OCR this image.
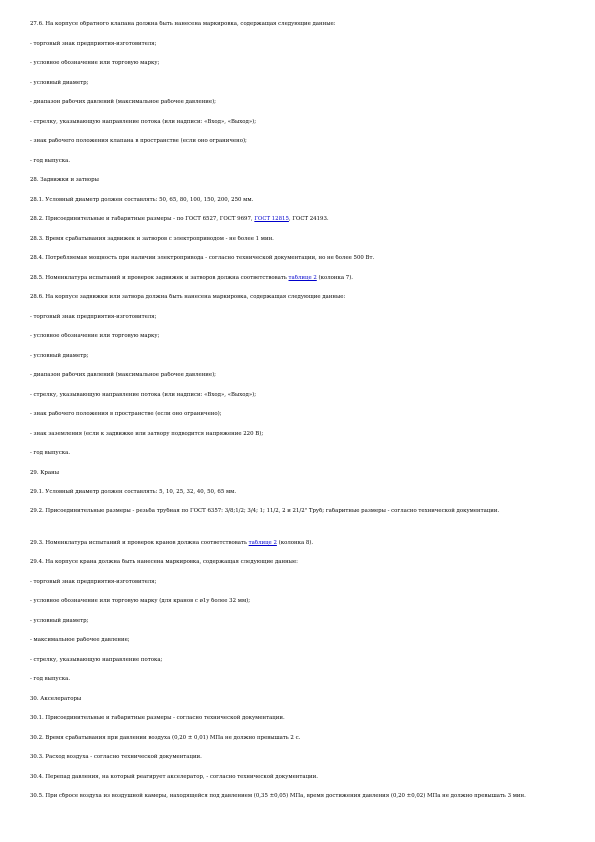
27.6. На корпусе обратного клапана должна быть нанесена маркировка, содержащая следующие данные:
- торговый знак предприятия-изготовителя;
- условное обозначение или торговую марку;
- условный диаметр;
- диапазон рабочих давлений (максимальное рабочее давление);
- стрелку, указывающую направление потока (или надписи: «Вход», «Выход»);
- знак рабочего положения клапана в пространстве (если оно ограничено);
- год выпуска.
28. Задвижки и затворы
28.1. Условный диаметр должен составлять: 50, 65, 80, 100, 150, 200, 250 мм.
28.2. Присоединительные и габаритные размеры - по ГОСТ 6527, ГОСТ 9697, ГОСТ 12815, ГОСТ 24193.
28.3. Время срабатывания задвижек и затворов с электроприводом - не более 1 мин.
28.4. Потребляемая мощность при наличии электропривода - согласно технической документации, но не более 500 Вт.
28.5. Номенклатура испытаний и проверок задвижек и затворов должна соответствовать таблице 2 (колонка 7).
28.6. На корпусе задвижки или затвора должна быть нанесена маркировка, содержащая следующие данные:
- торговый знак предприятия-изготовителя;
- условное обозначение или торговую марку;
- условный диаметр;
- диапазон рабочих давлений (максимальное рабочее давление);
- стрелку, указывающую направление потока (или надписи: «Вход», «Выход»);
- знак рабочего положения в пространстве (если оно ограничено);
- знак заземления (если к задвижке или затвору подводится напряжение 220 В);
- год выпуска.
29. Краны
29.1. Условный диаметр должен составлять: 5, 10, 25, 32, 40, 50, 65 мм.
29.2. Присоединительные размеры - резьба трубная по ГОСТ 6357: 3/8;1/2; 3/4; 1; 11/2, 2 и 21/2" Труб; габаритные размеры - согласно технической документации.
29.3. Номенклатура испытаний и проверок кранов должна соответствовать таблице 2 (колонка 8).
29.4. На корпусе крана должна быть нанесена маркировка, содержащая следующие данные:
- торговый знак предприятия-изготовителя;
- условное обозначение или торговую марку (для кранов с ø1у более 32 мм);
- условный диаметр;
- максимальное рабочее давление;
- стрелку, указывающую направление потока;
- год выпуска.
30. Акселераторы
30.1. Присоединительные и габаритные размеры - согласно технической документации.
30.2. Время срабатывания при давлении воздуха (0,20 ± 0,01) МПа не должно превышать 2 с.
30.3. Расход воздуха - согласно технической документации.
30.4. Перепад давления, на который реагирует акселератор, - согласно технической документации.
30.5. При сбросе воздуха из воздушной камеры, находящейся под давлением (0,35 ±0,05) МПа, время достижения давления (0,20 ±0,02) МПа не должно превышать 3 мин.
